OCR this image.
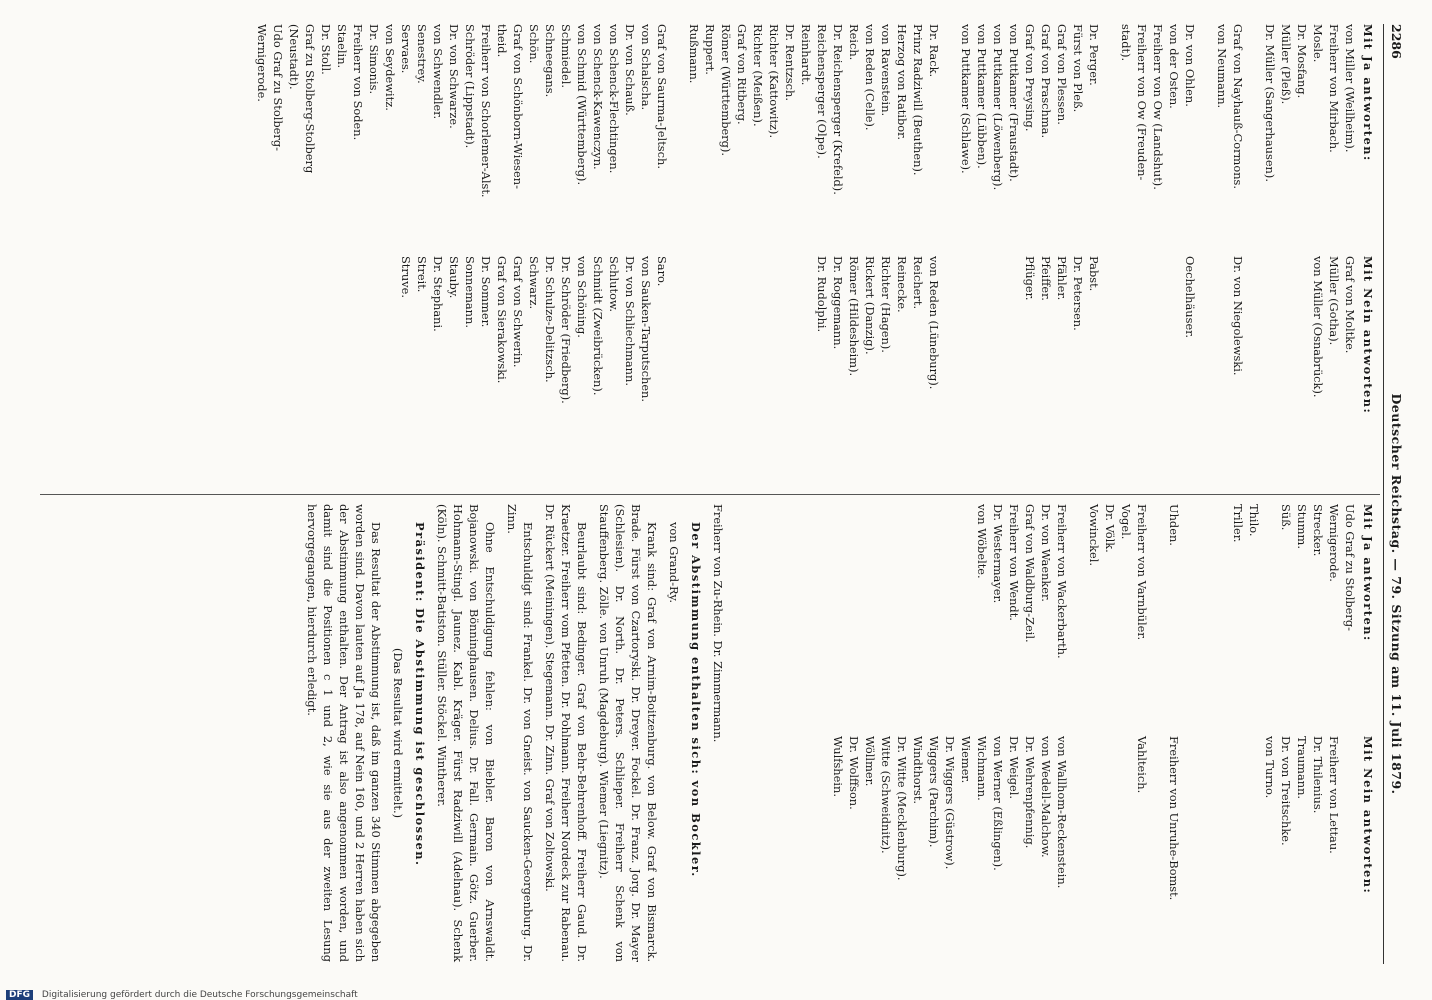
2286
Deutscher Reichstag. — 79. Sitzung am 11. Juli 1879.
Mit Ja antworten:
von Miller (Weilheim).
Freiherr von Mirbach.
Mosle.
Dr. Mosfang.
Müller (Pleß).
Dr. Müller (Sangerhausen).
Graf von Nayhauß-Cormons.
von Neumann.
Dr. von Ohlen.
von der Osten.
Freiherr von Ow (Landshut).
Freiherr von Ow (Freuden-
stadt).
Dr. Perger.
Fürst von Pleß.
Graf von Plessen.
Graf von Praschma.
Graf von Preysing.
von Puttkamer (Fraustadt).
von Puttkamer (Löwenberg).
von Puttkamer (Lübben).
von Puttkamer (Schlawe).
Dr. Rack.
Prinz Radziwill (Beuthen).
Herzog von Ratibor.
von Ravenstein.
von Reden (Celle).
Reich.
Dr. Reichensperger (Krefeld).
Reichensperger (Olpe).
Reinhardt.
Dr. Rentzsch.
Richter (Kattowitz).
Richter (Meißen).
Graf von Ritberg.
Römer (Württemberg).
Ruppert.
Rußmann.
Graf von Saurma-Jeltsch.
von Schalscha.
Dr. von Schauß.
von Schenck-Flechtingen.
von Schenck-Kawenczyn.
von Schmid (Württemberg).
Schmiedel.
Schneegans.
Schön.
Graf von Schönborn-Wiesen-
theid.
Freiherr von Schorlemer-Alst.
Schröder (Lippstadt).
Dr. von Schwarze.
von Schwendler.
Senestrey.
Servaes.
von Seydewitz.
Dr. Simonis.
Freiherr von Soden.
Staelin.
Dr. Stoll.
Graf zu Stolberg-Stolberg
(Neustadt).
Udo Graf zu Stolberg-
Wernigerode.
Mit Nein antworten:
Graf von Moltke.
Müller (Gotha).
von Müller (Osnabrück).
Dr. von Niegolewski.
Oechelhäuser.
Pabst.
Dr. Petersen.
Pfähler.
Pfeiffer.
Pflüger.
von Reden (Lüneburg).
Reichert.
Reinecke.
Richter (Hagen).
Rickert (Danzig).
Römer (Hildesheim).
Dr. Roggemann.
Dr. Rudolphi.
Saro.
von Sauken-Tarputschen.
Dr. von Schliechmann.
Schlutow.
Schmidt (Zweibrücken).
von Schöning.
Dr. Schröder (Friedberg).
Dr. Schulze-Delitzsch.
Schwarz.
Graf von Schwerin.
Graf von Sierakowski.
Dr. Sommer.
Sonnemann.
Stauby.
Dr. Stephani.
Streit.
Struve.
Mit Ja antworten:
Udo Graf zu Stolberg-
Wernigerode.
Strecker.
Stumm.
Süß.
Thilo.
Triller.
Uhden.
Freiherr von Varnbüler.
Vogel.
Dr. Völk.
Vowinckel.
Freiherr von Wackerbarth.
Dr. von Waenker.
Graf von Waldburg-Zeil.
Freiherr von Wendt.
Dr. Westermayer.
von Wöbelte.
Mit Nein antworten:
Freiherr von Lettau.
Dr. Thilenius.
Traumann.
Dr. von Treitschke.
von Turno.
Freiherr von Unruhe-Bomst.
Vahlteich.
von Wallhom-Reckenstein.
von Wedell-Malchow.
Dr. Wehrenpfennig.
Dr. Weigel.
von Werner (Eßlingen).
Wichmann.
Wiemer.
Dr. Wiggers (Güstrow).
Wiggers (Parchim).
Windthorst.
Dr. Witte (Mecklenburg).
Witte (Schweidnitz).
Wöllmer.
Dr. Wolffson.
Wulfshein.
Freiherr von Zu-Rhein. Dr. Zimmermann.
Der Abstimmung enthalten sich: von Bockler.
von Grand-Ry.
Krank sind: Graf von Arnim-Boitzenburg. von Below. Graf von Bismarck. Brade. Fürst von Czartoryski. Dr. Dreyer. Fockel. Dr. Franz. Jorg. Dr. Mayer (Schlesien). Dr. North. Dr. Peters. Schlieper. Freiherr Schenk von Stauffenberg. Zölle. von Unruh (Magdeburg). Wiemer (Liegnitz).
Beurlaubt sind: Bedinger. Graf von Behr-Behrenhoff. Freiherr Gaud. Dr. Kraetzer. Freiherr vom Pfetten. Dr. Pohlmann. Freiherr Nordeck zur Rabenau. Dr. Rückert (Meiningen). Stegemann. Dr. Zinn. Graf von Zoltowski.
Entschuldigt sind: Frankel. Dr. von Gneist. von Saucken-Georgenburg. Dr. Zinn.
Ohne Entschuldigung fehlen: von Biebler. Baron von Arnswaldt. Bojanowski. von Bönninghausen. Delius. Dr. Fall. Germain. Götz. Guerber. Hohmann-Stingl. Jaunez. Kabl. Kräger. Fürst Radziwill (Adelnau). Schenk (Köln). Schmitt-Batiston. Stüller. Stöckel. Wintherer.
Präsident: Die Abstimmung ist geschlossen.
(Das Resultat wird ermittelt.)
Das Resultat der Abstimmung ist, daß im ganzen 340 Stimmen abgegeben worden sind. Davon lauten auf Ja 178, auf Nein 160, und 2 Herren haben sich der Abstimmung enthalten. Der Antrag ist also angenommen worden, und damit sind die Positionen c 1 und 2, wie sie aus der zweiten Lesung hervorgegangen, hierdurch erledigt.
DFG Digitalisierung gefördert durch die Deutsche Forschungsgemeinschaft
